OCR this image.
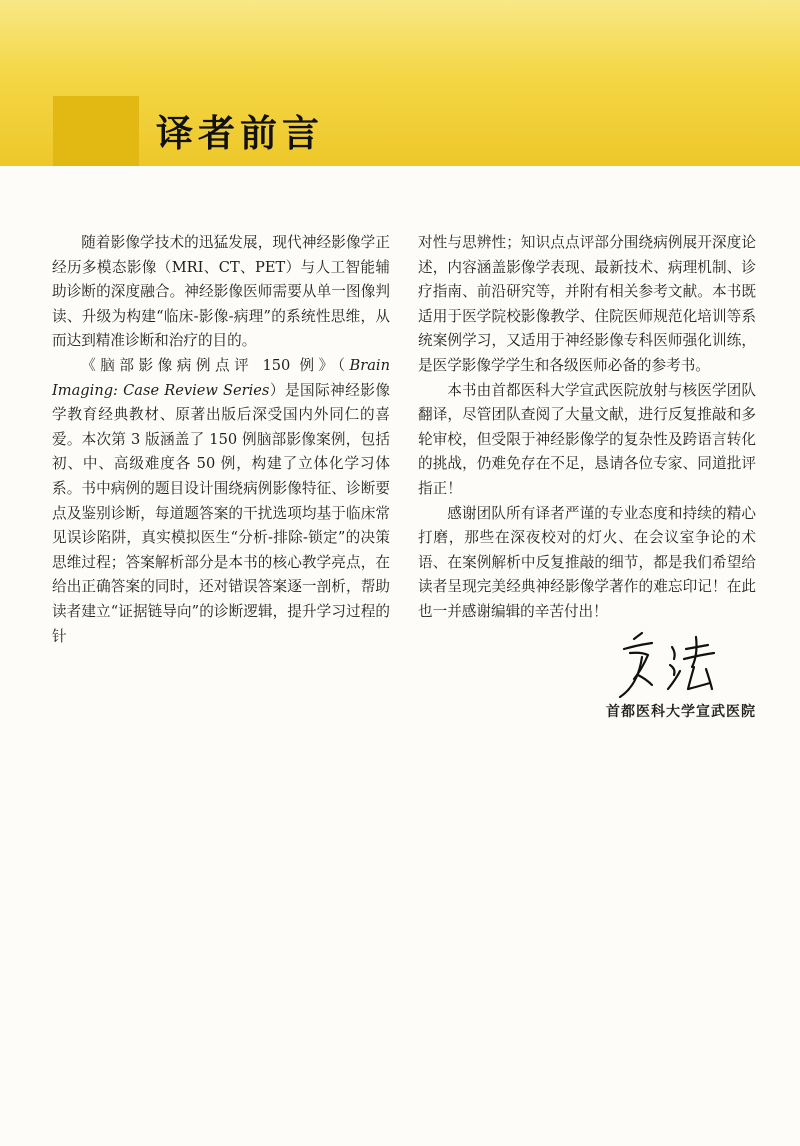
译者前言

随着影像学技术的迅猛发展，现代神经影像学正经历多模态影像（MRI、CT、PET）与人工智能辅助诊断的深度融合。神经影像医师需要从单一图像判读、升级为构建“临床-影像-病理”的系统性思维，从而达到精准诊断和治疗的目的。

《脑部影像病例点评 150 例》（Brain Imaging: Case Review Series）是国际神经影像学教育经典教材、原著出版后深受国内外同仁的喜爱。本次第 3 版涵盖了 150 例脑部影像案例，包括初、中、高级难度各 50 例，构建了立体化学习体系。书中病例的题目设计围绕病例影像特征、诊断要点及鉴别诊断，每道题答案的干扰选项均基于临床常见误诊陷阱，真实模拟医生“分析-排除-锁定”的决策思维过程；答案解析部分是本书的核心教学亮点，在给出正确答案的同时，还对错误答案逐一剖析，帮助读者建立“证据链导向”的诊断逻辑，提升学习过程的针

对性与思辨性；知识点点评部分围绕病例展开深度论述，内容涵盖影像学表现、最新技术、病理机制、诊疗指南、前沿研究等，并附有相关参考文献。本书既适用于医学院校影像教学、住院医师规范化培训等系统案例学习，又适用于神经影像专科医师强化训练，是医学影像学学生和各级医师必备的参考书。

本书由首都医科大学宣武医院放射与核医学团队翻译，尽管团队查阅了大量文献，进行反复推敲和多轮审校，但受限于神经影像学的复杂性及跨语言转化的挑战，仍难免存在不足，恳请各位专家、同道批评指正！

感谢团队所有译者严谨的专业态度和持续的精心打磨，那些在深夜校对的灯火、在会议室争论的术语、在案例解析中反复推敲的细节，都是我们希望给读者呈现完美经典神经影像学著作的难忘印记！在此也一并感谢编辑的辛苦付出！

首都医科大学宣武医院
